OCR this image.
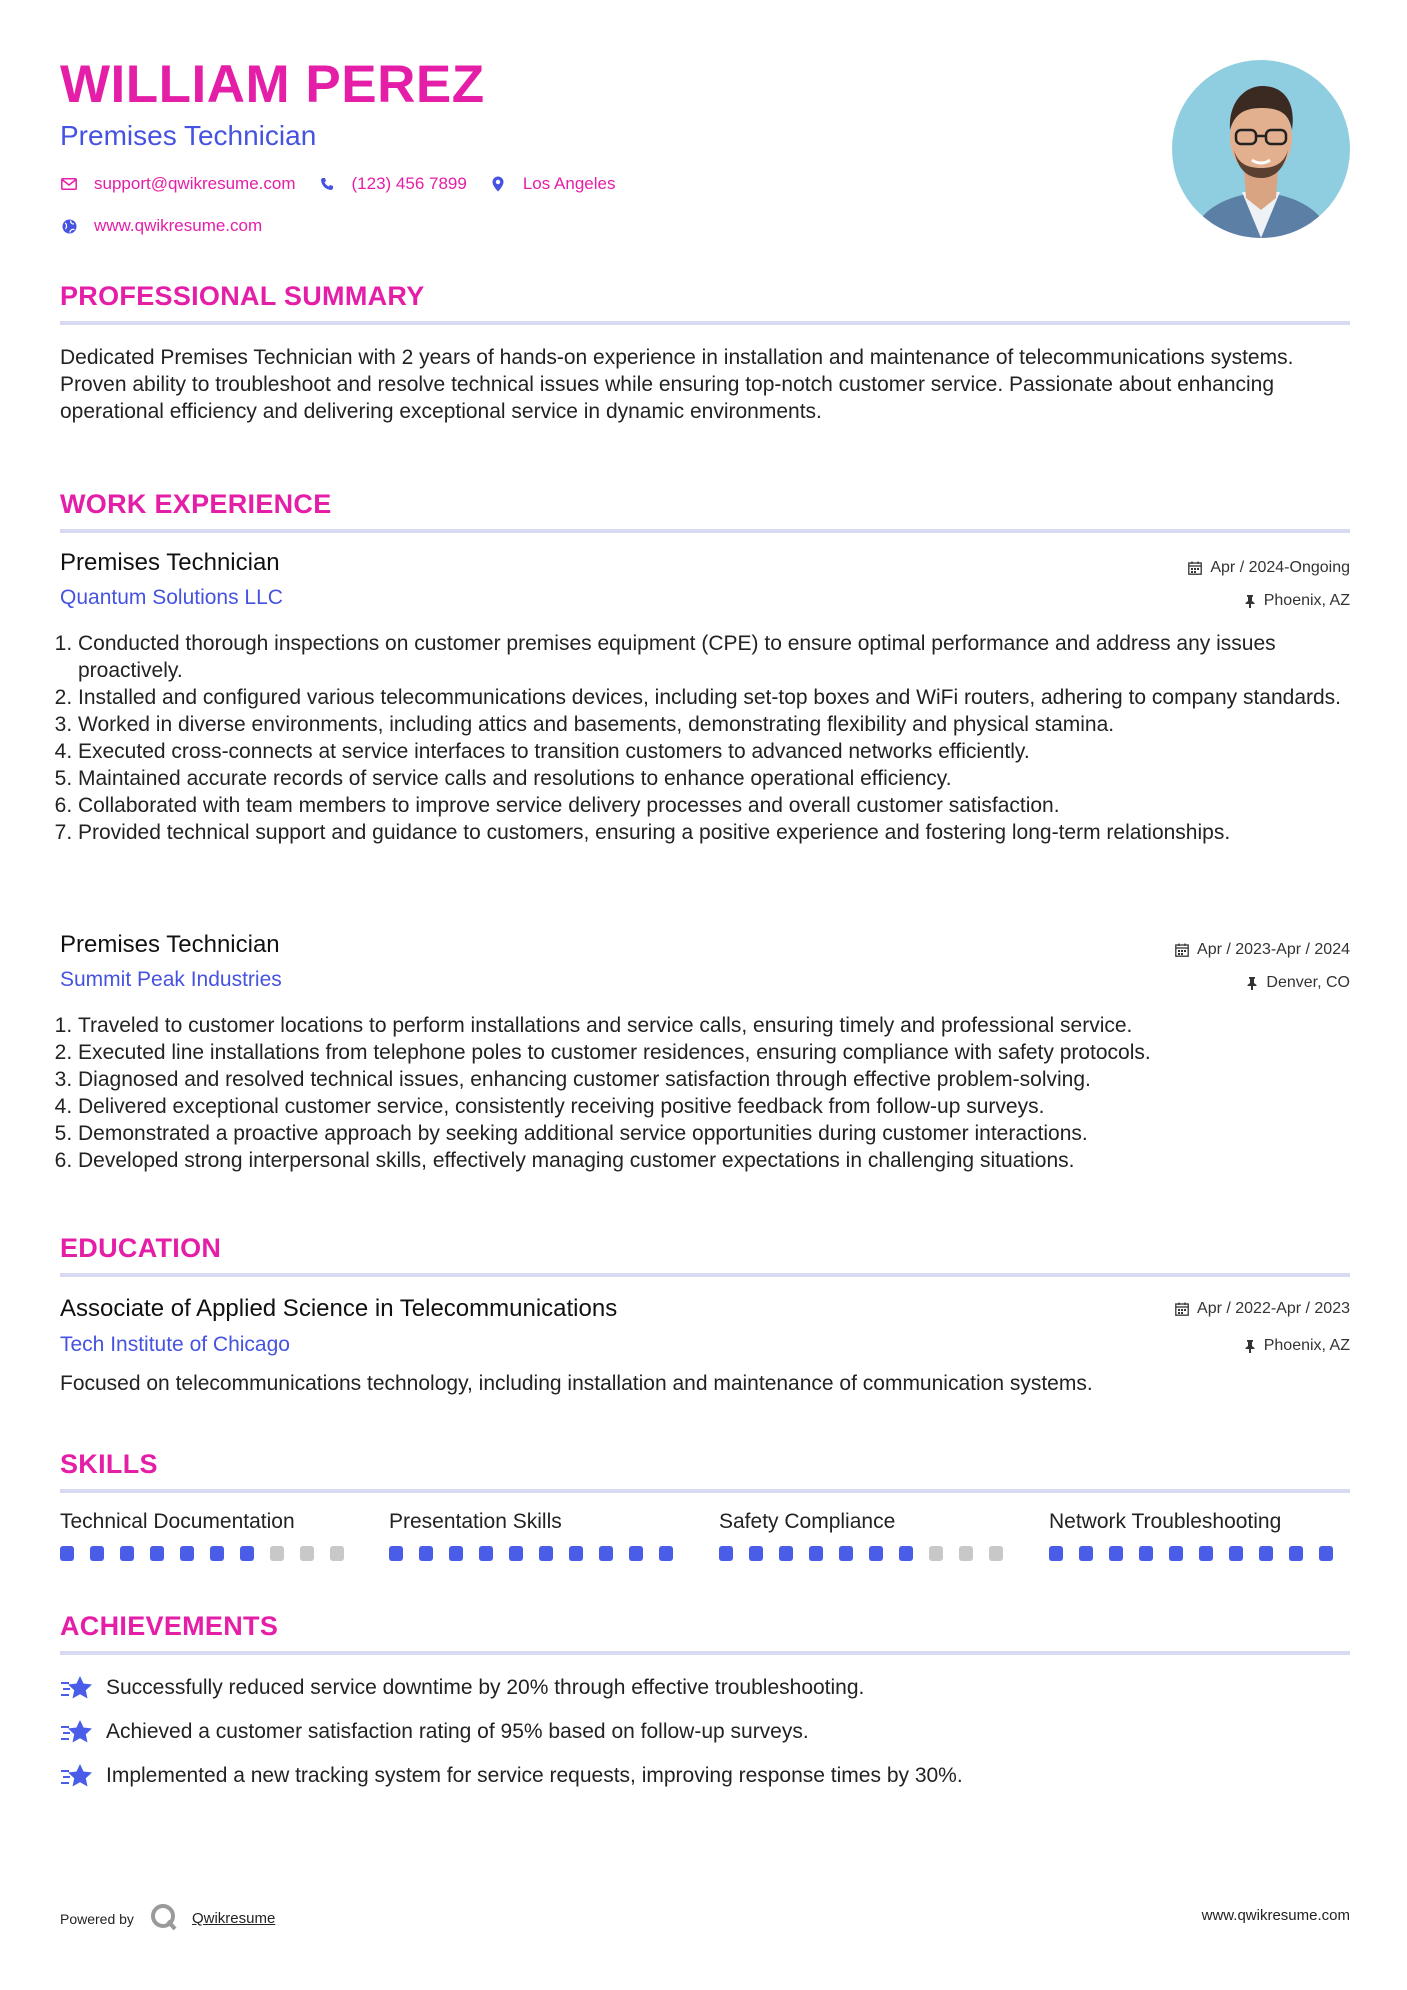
WILLIAM PEREZ
Premises Technician
support@qwikresume.com	(123) 456 7899	Los Angeles
www.qwikresume.com
PROFESSIONAL SUMMARY
Dedicated Premises Technician with 2 years of hands-on experience in installation and maintenance of telecommunications systems. Proven ability to troubleshoot and resolve technical issues while ensuring top-notch customer service. Passionate about enhancing operational efficiency and delivering exceptional service in dynamic environments.
WORK EXPERIENCE
Premises Technician	Apr / 2024-Ongoing
Quantum Solutions LLC	Phoenix, AZ
1. Conducted thorough inspections on customer premises equipment (CPE) to ensure optimal performance and address any issues proactively.
2. Installed and configured various telecommunications devices, including set-top boxes and WiFi routers, adhering to company standards.
3. Worked in diverse environments, including attics and basements, demonstrating flexibility and physical stamina.
4. Executed cross-connects at service interfaces to transition customers to advanced networks efficiently.
5. Maintained accurate records of service calls and resolutions to enhance operational efficiency.
6. Collaborated with team members to improve service delivery processes and overall customer satisfaction.
7. Provided technical support and guidance to customers, ensuring a positive experience and fostering long-term relationships.
Premises Technician	Apr / 2023-Apr / 2024
Summit Peak Industries	Denver, CO
1. Traveled to customer locations to perform installations and service calls, ensuring timely and professional service.
2. Executed line installations from telephone poles to customer residences, ensuring compliance with safety protocols.
3. Diagnosed and resolved technical issues, enhancing customer satisfaction through effective problem-solving.
4. Delivered exceptional customer service, consistently receiving positive feedback from follow-up surveys.
5. Demonstrated a proactive approach by seeking additional service opportunities during customer interactions.
6. Developed strong interpersonal skills, effectively managing customer expectations in challenging situations.
EDUCATION
Associate of Applied Science in Telecommunications	Apr / 2022-Apr / 2023
Tech Institute of Chicago	Phoenix, AZ
Focused on telecommunications technology, including installation and maintenance of communication systems.
SKILLS
Technical Documentation	Presentation Skills	Safety Compliance	Network Troubleshooting
ACHIEVEMENTS
Successfully reduced service downtime by 20% through effective troubleshooting.
Achieved a customer satisfaction rating of 95% based on follow-up surveys.
Implemented a new tracking system for service requests, improving response times by 30%.
Powered by	Qwikresume	www.qwikresume.com
